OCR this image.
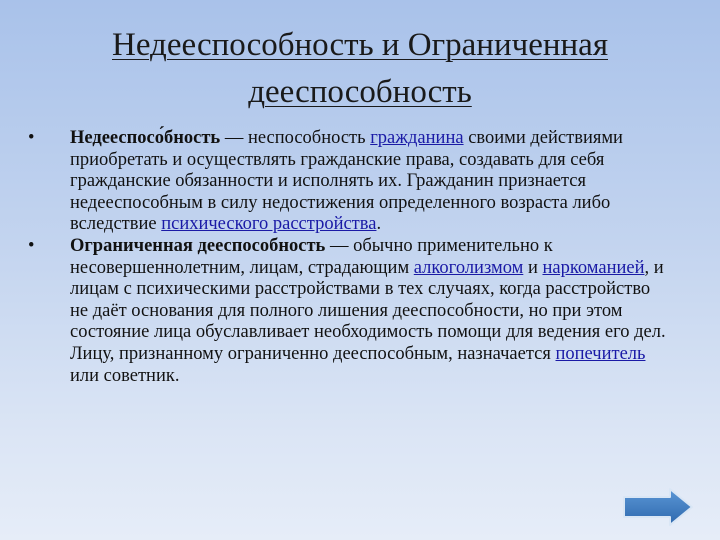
Недееспособность и Ограниченная
дееспособность
• Недееспосо́бность — неспособность гражданина своими действиями приобретать и осуществлять гражданские права, создавать для себя гражданские обязанности и исполнять их. Гражданин признается недееспособным в силу недостижения определенного возраста либо вследствие психического расстройства.
• Ограниченная дееспособность — обычно применительно к несовершеннолетним, лицам, страдающим алкоголизмом и наркоманией, и лицам с психическими расстройствами в тех случаях, когда расстройство не даёт основания для полного лишения дееспособности, но при этом состояние лица обуславливает необходимость помощи для ведения его дел. Лицу, признанному ограниченно дееспособным, назначается попечитель или советник.
